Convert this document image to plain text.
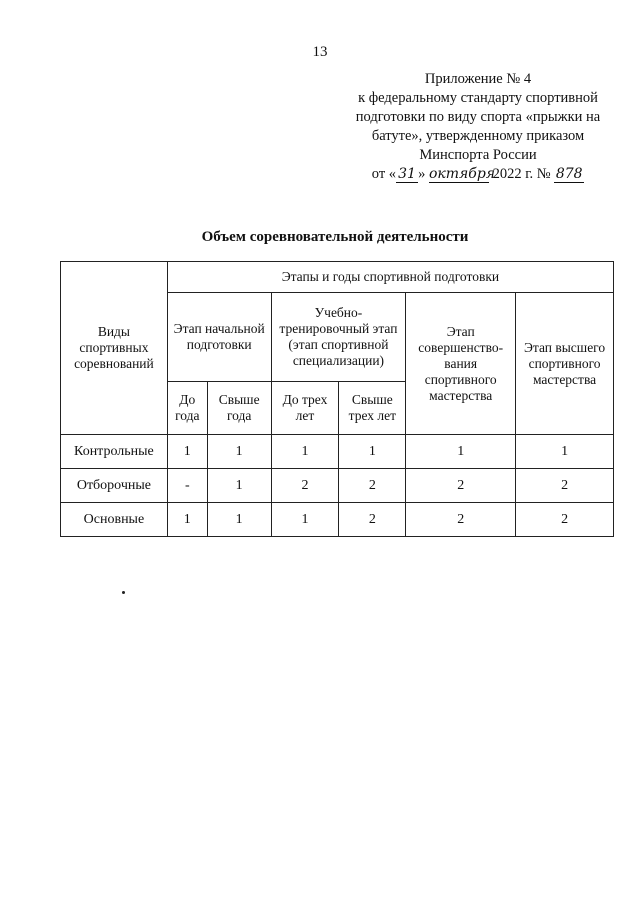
13
Приложение № 4
к федеральному стандарту спортивной
подготовки по виду спорта «прыжки на
батуте», утвержденному приказом
Минспорта России
от « 31 » октября 2022 г. № 878
Объем соревновательной деятельности
Виды спортивных соревнований	Этапы и годы спортивной подготовки					
	Этап начальной подготовки		Учебно-тренировочный этап (этап спортивной специализации)		Этап совершенство-вания спортивного мастерства	Этап высшего спортивного мастерства
	До года	Свыше года	До трех лет	Свыше трех лет		
Контрольные	1	1	1	1	1	1
Отборочные	-	1	2	2	2	2
Основные	1	1	1	2	2	2
